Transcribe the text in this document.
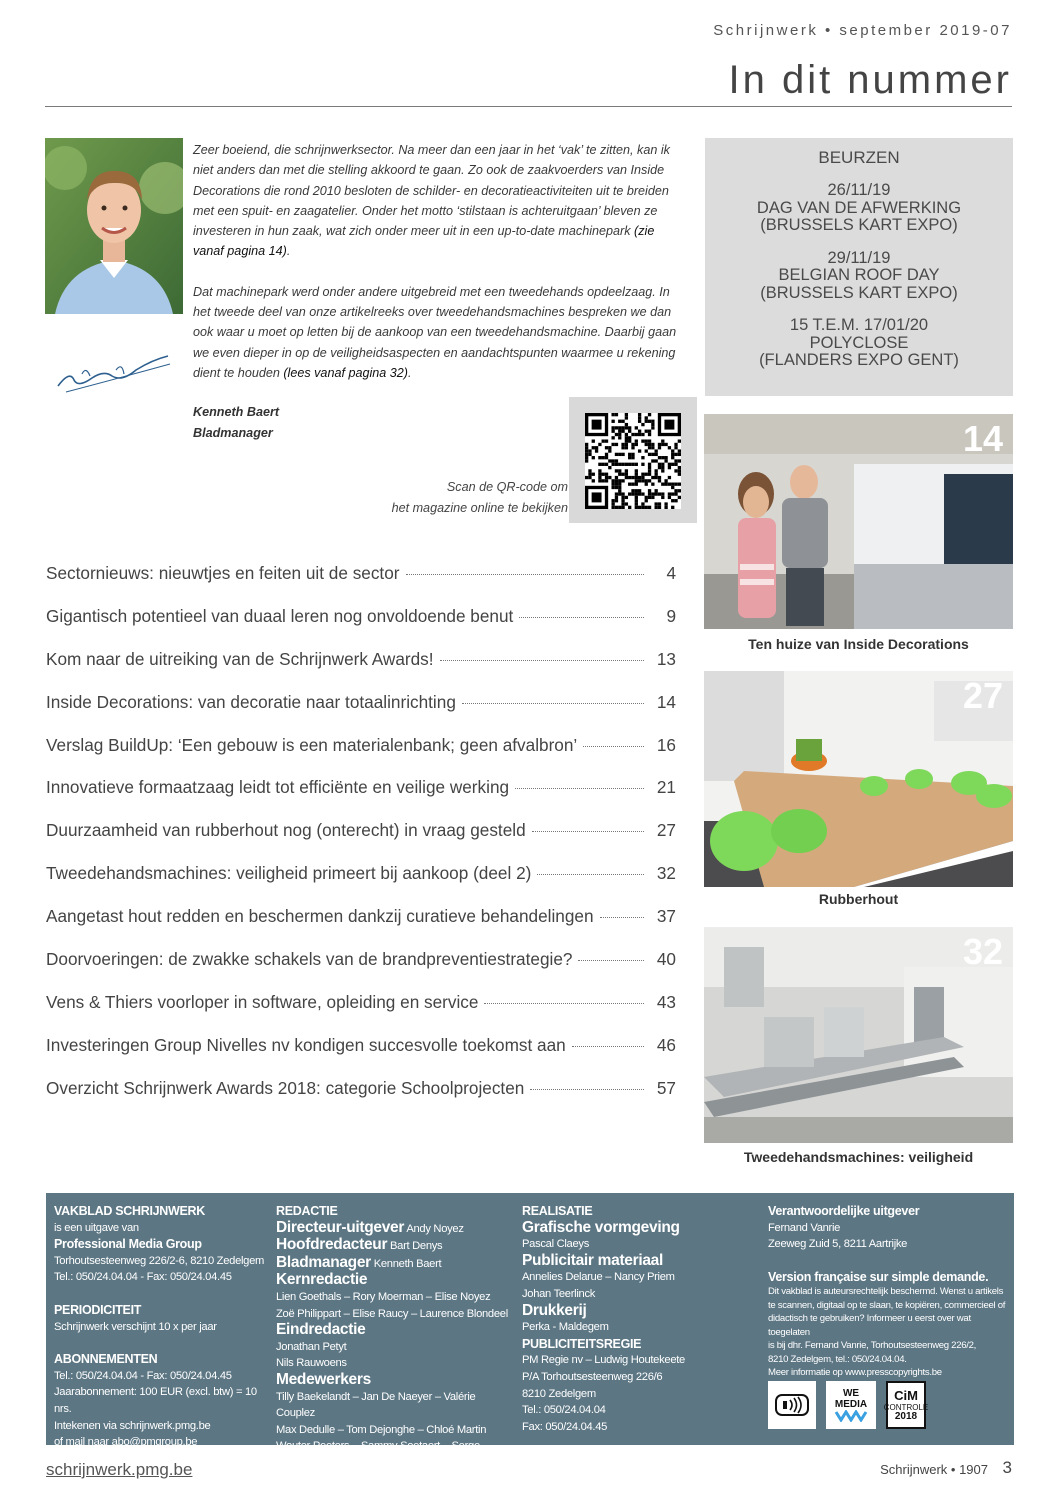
Schrijnwerk • september 2019-07
In dit nummer

Zeer boeiend, die schrijnwerksector. Na meer dan een jaar in het ‘vak’ te zitten, kan ik niet anders dan met die stelling akkoord te gaan. Zo ook de zaakvoerders van Inside Decorations die rond 2010 besloten de schilder- en decoratieactiviteiten uit te breiden met een spuit- en zaagatelier. Onder het motto ‘stilstaan is achteruitgaan’ bleven ze investeren in hun zaak, wat zich onder meer uit in een up-to-date machinepark (zie vanaf pagina 14).

Dat machinepark werd onder andere uitgebreid met een tweedehands opdeelzaag. In het tweede deel van onze artikelreeks over tweedehandsmachines bespreken we dan ook waar u moet op letten bij de aankoop van een tweedehandsmachine. Daarbij gaan we even dieper in op de veiligheidsaspecten en aandachtspunten waarmee u rekening dient te houden (lees vanaf pagina 32).

Kenneth Baert
Bladmanager
Scan de QR-code om
het magazine online te bekijken
BEURZEN
26/11/19
DAG VAN DE AFWERKING
(BRUSSELS KART EXPO)
29/11/19
BELGIAN ROOF DAY
(BRUSSELS KART EXPO)
15 T.E.M. 17/01/20
POLYCLOSE
(FLANDERS EXPO GENT)
Sectornieuws: nieuwtjes en feiten uit de sector	4
Gigantisch potentieel van duaal leren nog onvoldoende benut	9
Kom naar de uitreiking van de Schrijnwerk Awards!	13
Inside Decorations: van decoratie naar totaalinrichting	14
Verslag BuildUp: ‘Een gebouw is een materialenbank; geen afvalbron’	16
Innovatieve formaatzaag leidt tot efficiënte en veilige werking	21
Duurzaamheid van rubberhout nog (onterecht) in vraag gesteld	27
Tweedehandsmachines: veiligheid primeert bij aankoop (deel 2)	32
Aangetast hout redden en beschermen dankzij curatieve behandelingen	37
Doorvoeringen: de zwakke schakels van de brandpreventiestrategie?	40
Vens & Thiers voorloper in software, opleiding en service	43
Investeringen Group Nivelles nv kondigen succesvolle toekomst aan	46
Overzicht Schrijnwerk Awards 2018: categorie Schoolprojecten	57
14
Ten huize van Inside Decorations
27
Rubberhout
32
Tweedehandsmachines: veiligheid
VAKBLAD SCHRIJNWERK
is een uitgave van
Professional Media Group
Torhoutsesteenweg 226/2-6, 8210 Zedelgem
Tel.: 050/24.04.04 - Fax: 050/24.04.45
PERIODICITEIT
Schrijnwerk verschijnt 10 x per jaar
ABONNEMENTEN
Tel.: 050/24.04.04 - Fax: 050/24.04.45
Jaarabonnement: 100 EUR (excl. btw) = 10 nrs.
Intekenen via schrijnwerk.pmg.be
of mail naar abo@pmgroup.be
REDACTIE
Directeur-uitgever Andy Noyez
Hoofdredacteur Bart Denys
Bladmanager Kenneth Baert
Kernredactie
Lien Goethals – Rory Moerman – Elise Noyez
Zoë Philippart – Elise Raucy – Laurence Blondeel
Eindredactie
Jonathan Petyt
Nils Rauwoens
Medewerkers
Tilly Baekelandt – Jan De Naeyer – Valérie Couplez
Max Dedulle – Tom Dejonghe – Chloé Martin
Wouter Peeters – Sammy Soetaert – Serge Vandenplas
REALISATIE
Grafische vormgeving
Pascal Claeys
Publicitair materiaal
Annelies Delarue – Nancy Priem
Johan Teerlinck
Drukkerij
Perka - Maldegem
PUBLICITEITSREGIE
PM Regie nv – Ludwig Houtekeete
P/A Torhoutsesteenweg 226/6
8210 Zedelgem
Tel.: 050/24.04.04
Fax: 050/24.04.45
Verantwoordelijke uitgever
Fernand Vanrie
Zeeweg Zuid 5, 8211 Aartrijke
Version française sur simple demande.
Dit vakblad is auteursrechtelijk beschermd. Wenst u artikels
te scannen, digitaal op te slaan, te kopiëren, commercieel of
didactisch te gebruiken? Informeer u eerst over wat toegelaten
is bij dhr. Fernand Vanrie, Torhoutsesteenweg 226/2,
8210 Zedelgem, tel.: 050/24.04.04.
Meer informatie op www.presscopyrights.be
WE
MEDIA
CiM
CONTROLE
2018
schrijnwerk.pmg.be	Schrijnwerk • 1907 3
